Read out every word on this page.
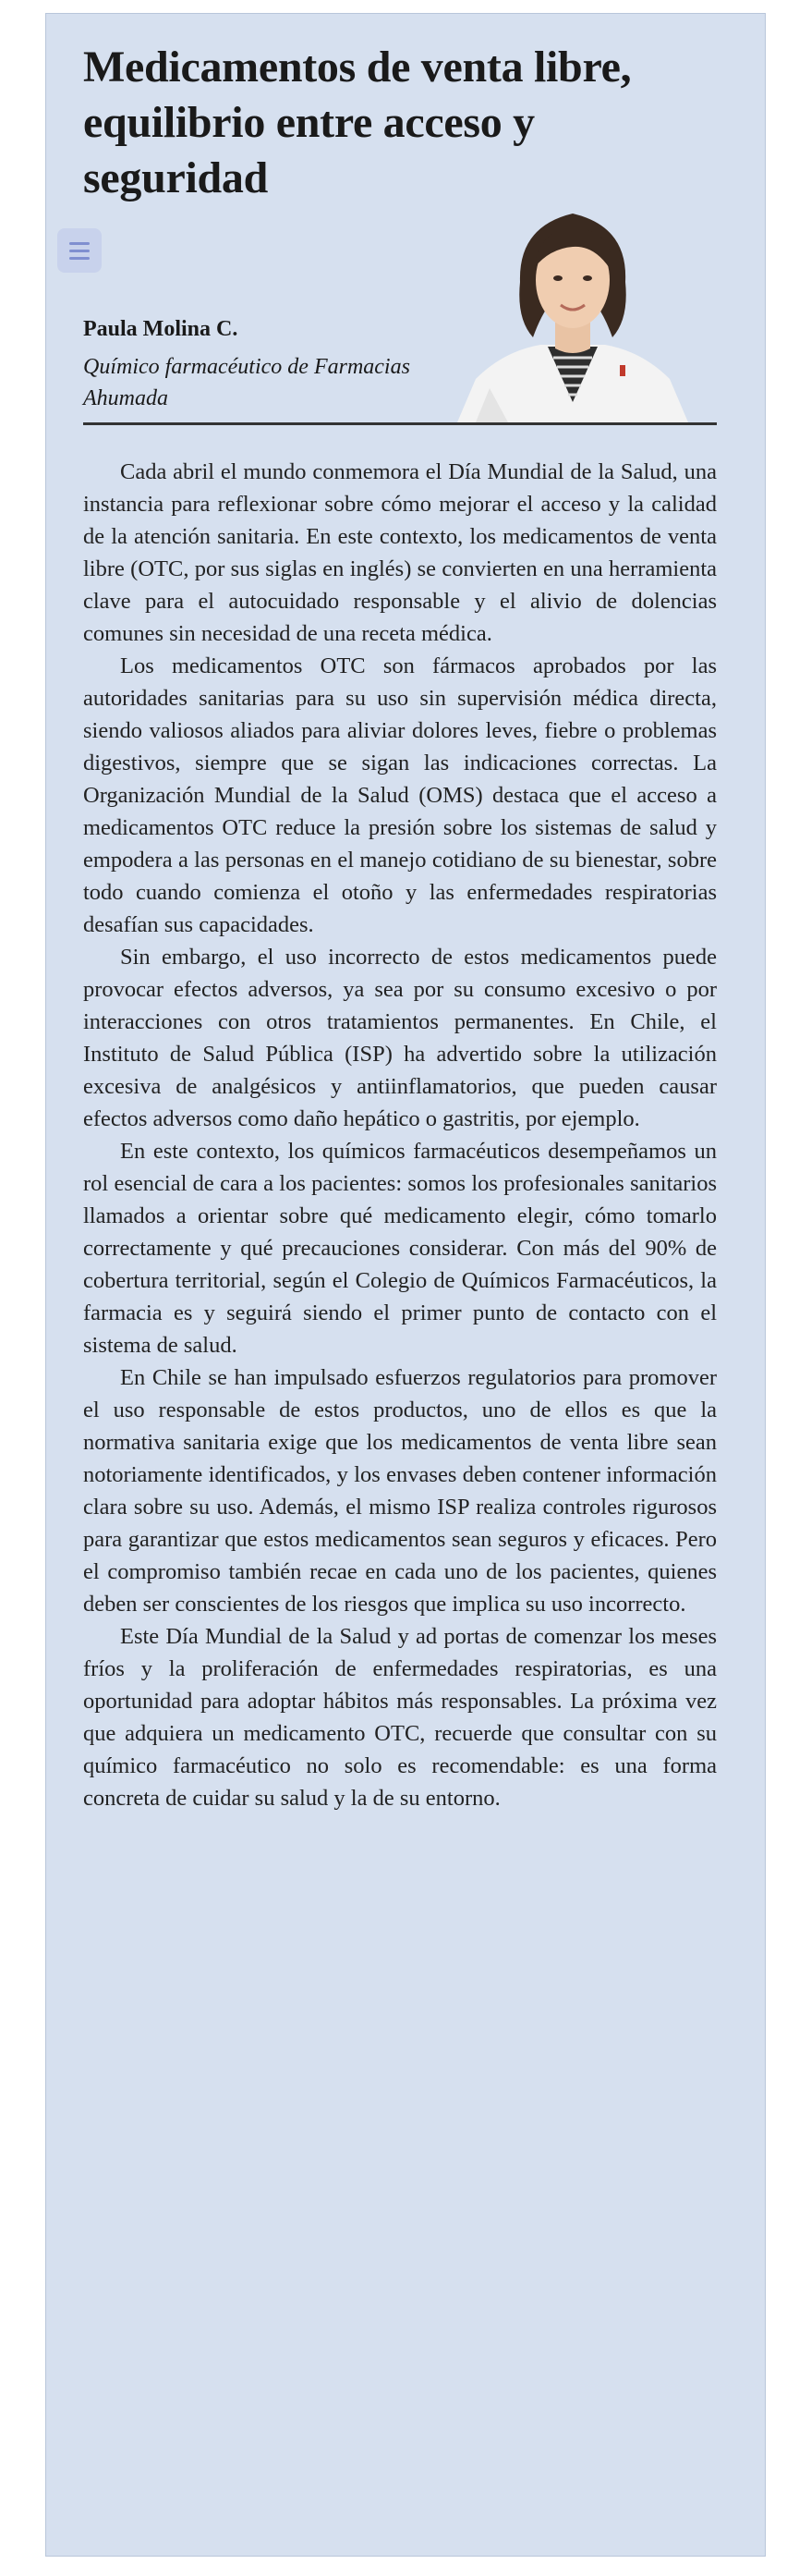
Medicamentos de venta libre, equilibrio entre acceso y seguridad
Paula Molina C.
Químico farmacéutico de Farmacias Ahumada

Cada abril el mundo conmemora el Día Mundial de la Salud, una instancia para reflexionar sobre cómo mejorar el acceso y la calidad de la atención sanitaria. En este contexto, los medicamentos de venta libre (OTC, por sus siglas en inglés) se convierten en una herramienta clave para el autocuidado responsable y el alivio de dolencias comunes sin necesidad de una receta médica.

Los medicamentos OTC son fármacos aprobados por las autoridades sanitarias para su uso sin supervisión médica directa, siendo valiosos aliados para aliviar dolores leves, fiebre o problemas digestivos, siempre que se sigan las indicaciones correctas. La Organización Mundial de la Salud (OMS) destaca que el acceso a medicamentos OTC reduce la presión sobre los sistemas de salud y empodera a las personas en el manejo cotidiano de su bienestar, sobre todo cuando comienza el otoño y las enfermedades respiratorias desafían sus capacidades.

Sin embargo, el uso incorrecto de estos medicamentos puede provocar efectos adversos, ya sea por su consumo excesivo o por interacciones con otros tratamientos permanentes. En Chile, el Instituto de Salud Pública (ISP) ha advertido sobre la utilización excesiva de analgésicos y antiinflamatorios, que pueden causar efectos adversos como daño hepático o gastritis, por ejemplo.

En este contexto, los químicos farmacéuticos desempeñamos un rol esencial de cara a los pacientes: somos los profesionales sanitarios llamados a orientar sobre qué medicamento elegir, cómo tomarlo correctamente y qué precauciones considerar. Con más del 90% de cobertura territorial, según el Colegio de Químicos Farmacéuticos, la farmacia es y seguirá siendo el primer punto de contacto con el sistema de salud.

En Chile se han impulsado esfuerzos regulatorios para promover el uso responsable de estos productos, uno de ellos es que la normativa sanitaria exige que los medicamentos de venta libre sean notoriamente identificados, y los envases deben contener información clara sobre su uso. Además, el mismo ISP realiza controles rigurosos para garantizar que estos medicamentos sean seguros y eficaces. Pero el compromiso también recae en cada uno de los pacientes, quienes deben ser conscientes de los riesgos que implica su uso incorrecto.

Este Día Mundial de la Salud y ad portas de comenzar los meses fríos y la proliferación de enfermedades respiratorias, es una oportunidad para adoptar hábitos más responsables. La próxima vez que adquiera un medicamento OTC, recuerde que consultar con su químico farmacéutico no solo es recomendable: es una forma concreta de cuidar su salud y la de su entorno.
